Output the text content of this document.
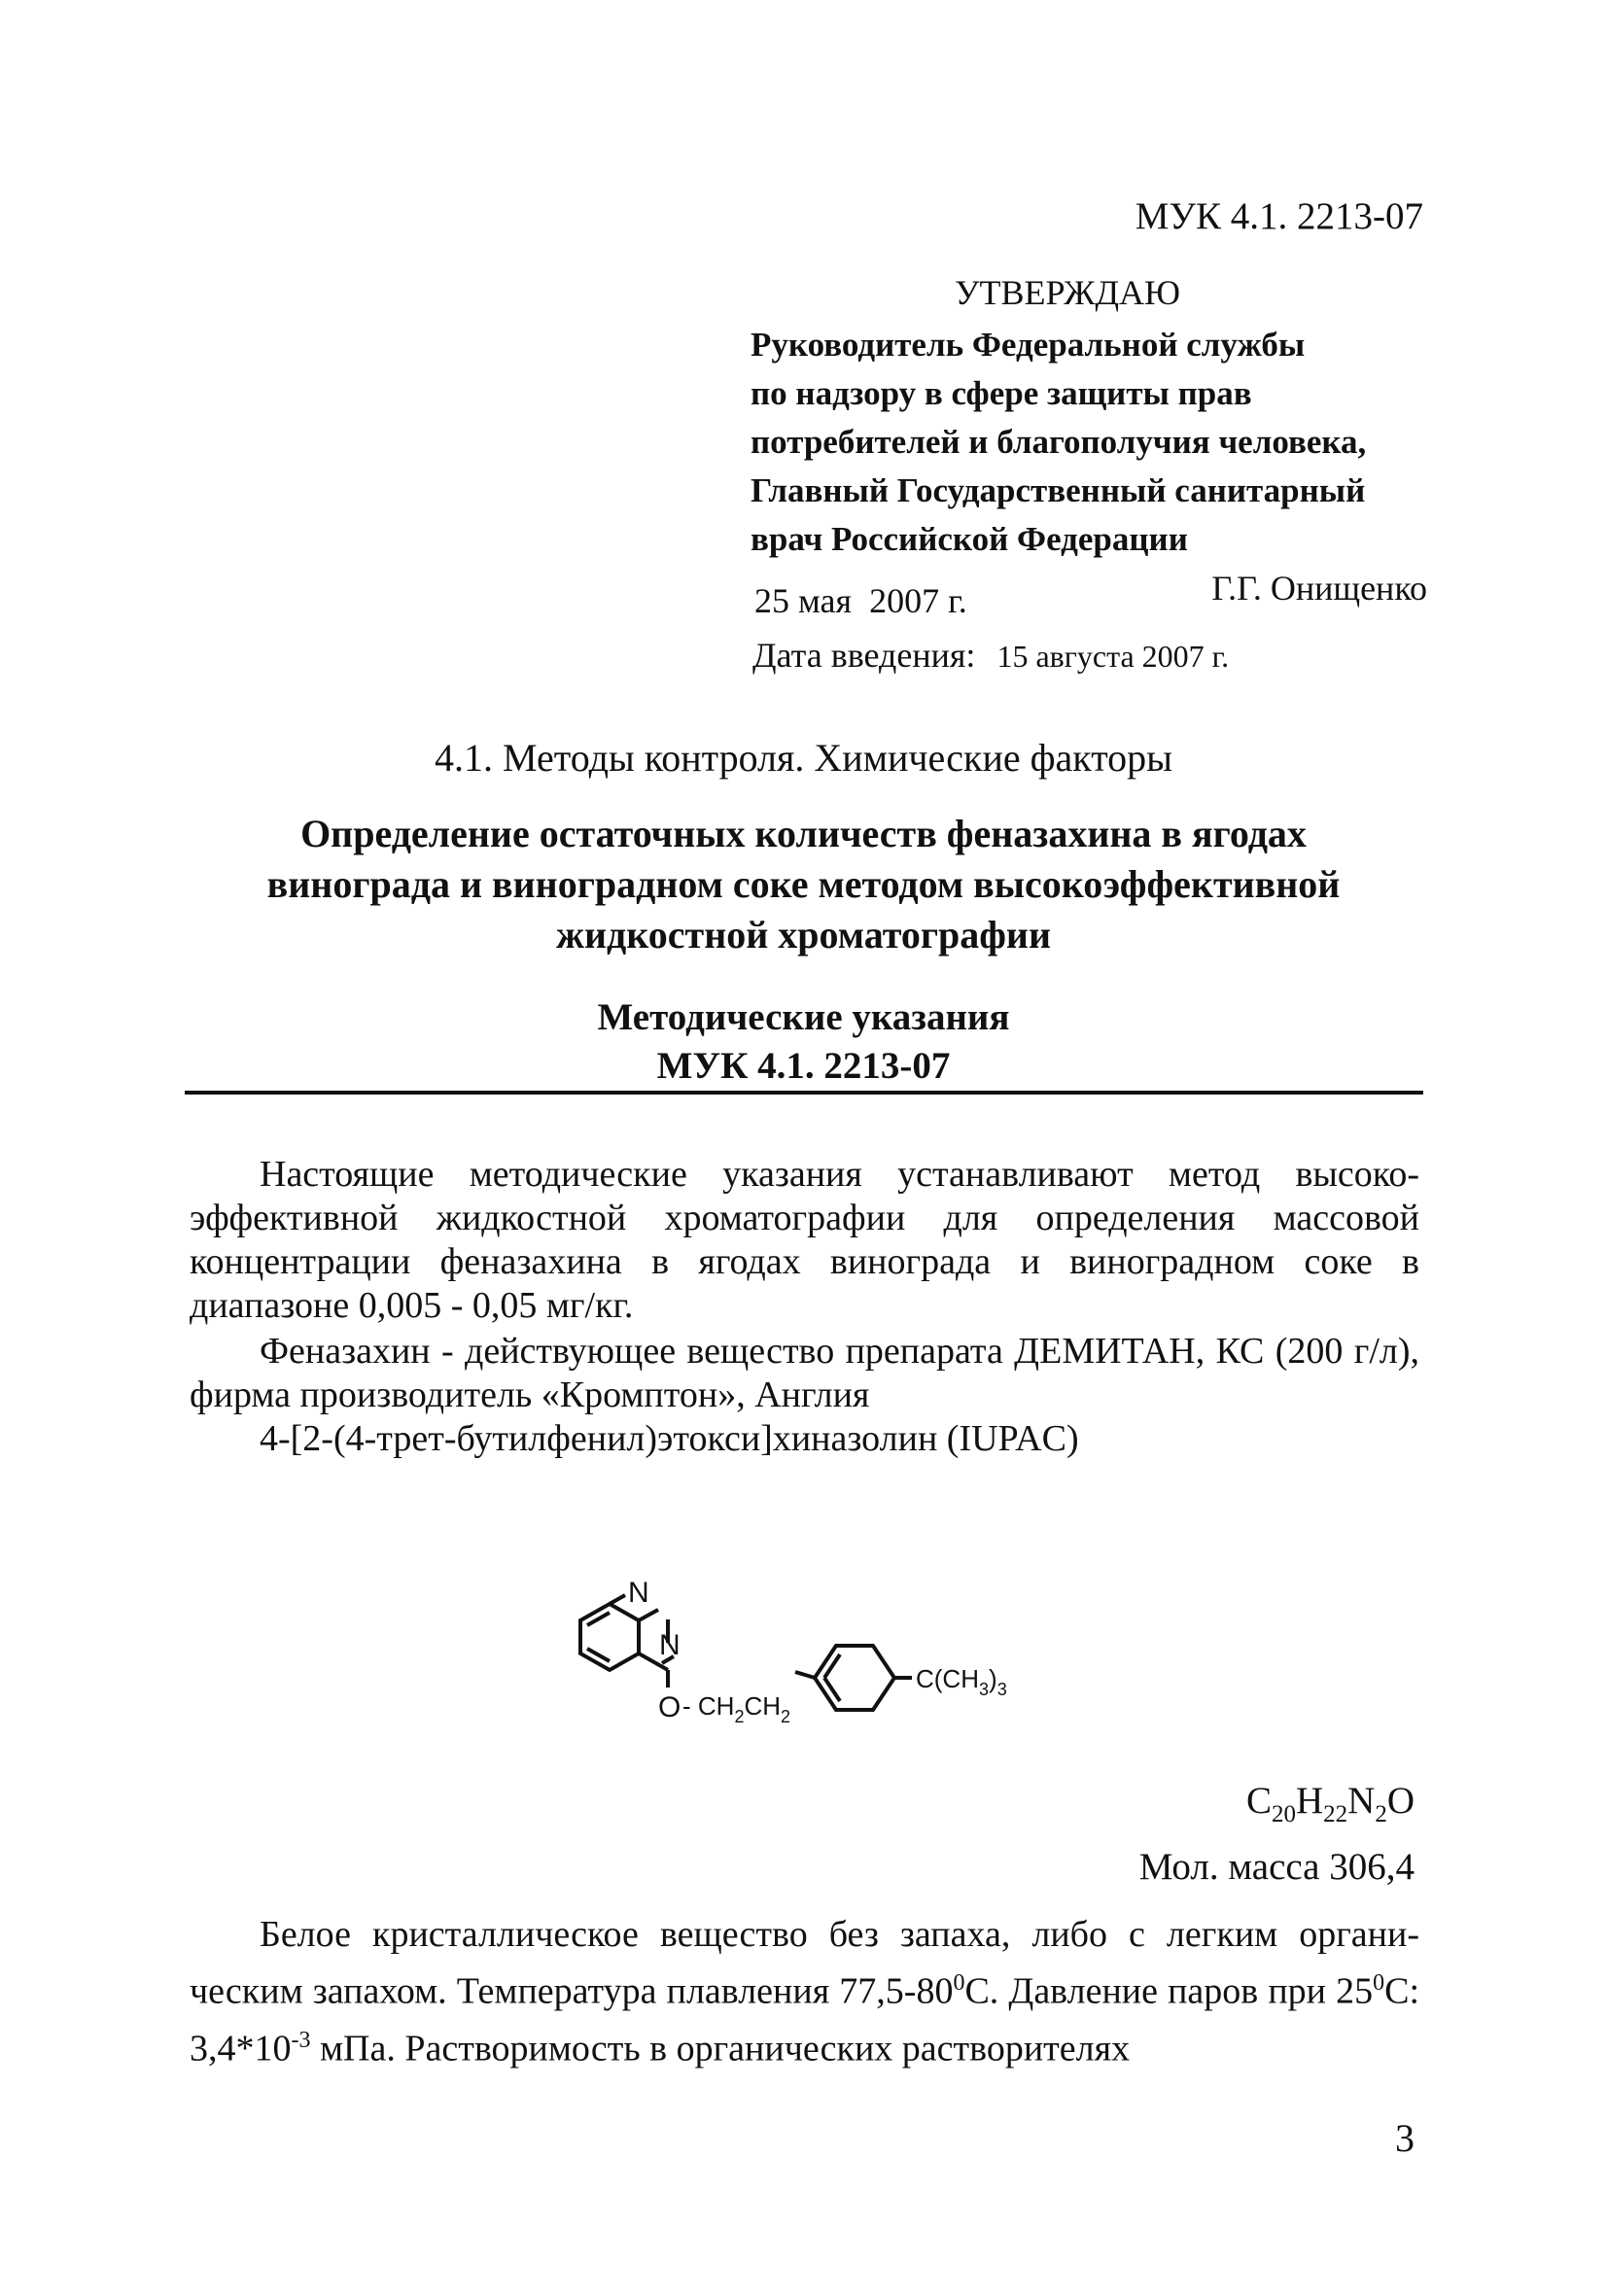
МУК 4.1. 2213-07
УТВЕРЖДАЮ
Руководитель Федеральной службы
по надзору в сфере защиты прав
потребителей и благополучия человека,
Главный Государственный санитарный
врач Российской Федерации
Г.Г. Онищенко
25 мая  2007 г.
Дата введения: 15 августа 2007 г.
4.1. Методы контроля. Химические факторы
Определение остаточных количеств феназахина в ягодах
винограда и виноградном соке методом высокоэффективной
жидкостной хроматографии
Методические указания
МУК 4.1. 2213-07

Настоящие методические указания устанавливают метод высоко-эффективной жидкостной хроматографии для определения массовой концентрации феназахина в ягодах винограда и виноградном соке в диапазоне 0,005 - 0,05 мг/кг.

Феназахин - действующее вещество препарата ДЕМИТАН, КС (200 г/л), фирма производитель «Кромптон», Англия

4-[2-(4-трет-бутилфенил)этокси]хиназолин (IUPAC)

N
N
O - $CH_2CH_2$
$C(CH_3)_3$
$C_{20}H_{22}N_2O$
Мол. масса 306,4

Белое кристаллическое вещество без запаха, либо с легким органи-ческим запахом. Температура плавления $77,5-80^0С$. Давление паров при $25^0С$: $3,4*10^{-3}$ мПа. Растворимость в органических растворителях

3
